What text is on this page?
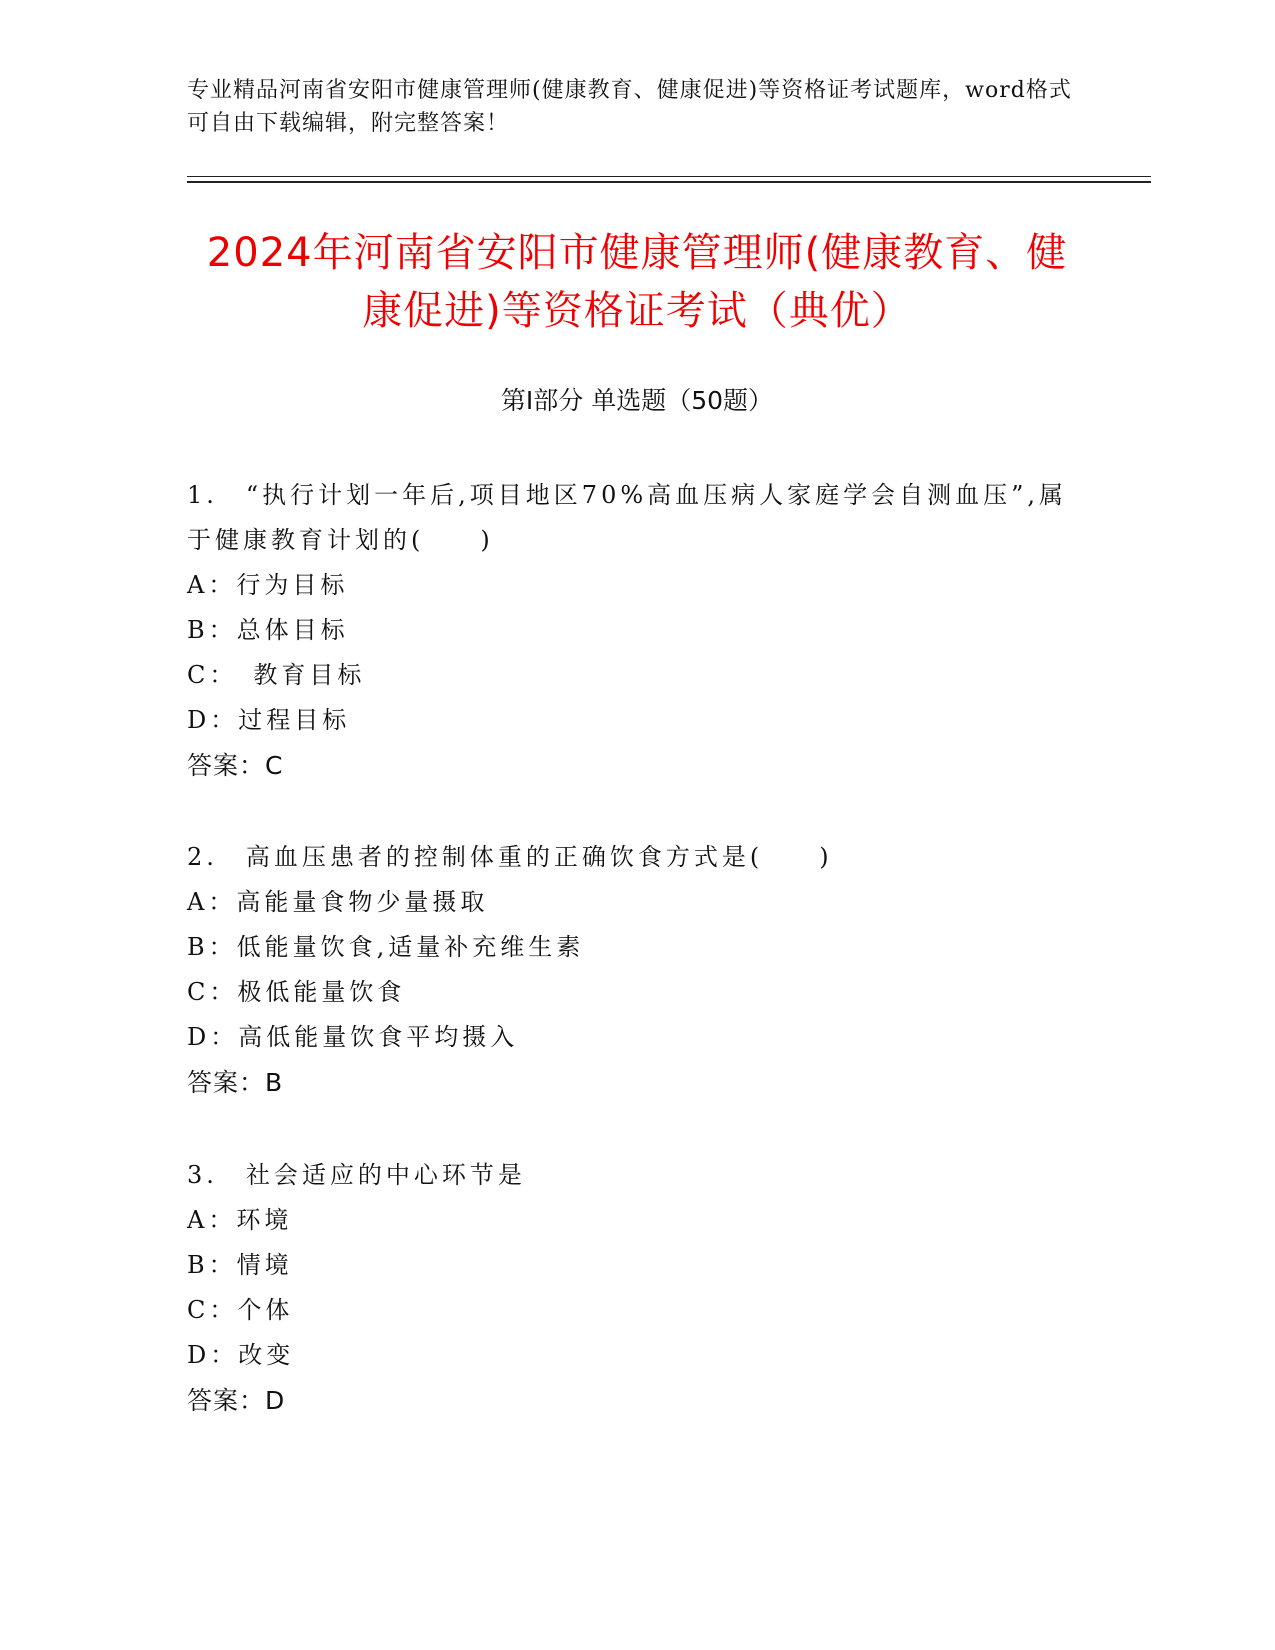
专业精品河南省安阳市健康管理师(健康教育、健康促进)等资格证考试题库，word格式可自由下载编辑，附完整答案！
2024年河南省安阳市健康管理师(健康教育、健康促进)等资格证考试（典优）
第Ⅰ部分 单选题（50题）
1.　“执行计划一年后,项目地区70%高血压病人家庭学会自测血压”,属于健康教育计划的(　　)
A：行为目标
B：总体目标
C：　教育目标
D：过程目标
答案：C
2.　高血压患者的控制体重的正确饮食方式是(　　)
A：高能量食物少量摄取
B：低能量饮食,适量补充维生素
C：极低能量饮食
D：高低能量饮食平均摄入
答案：B
3.　社会适应的中心环节是
A：环境
B：情境
C：个体
D：改变
答案：D
